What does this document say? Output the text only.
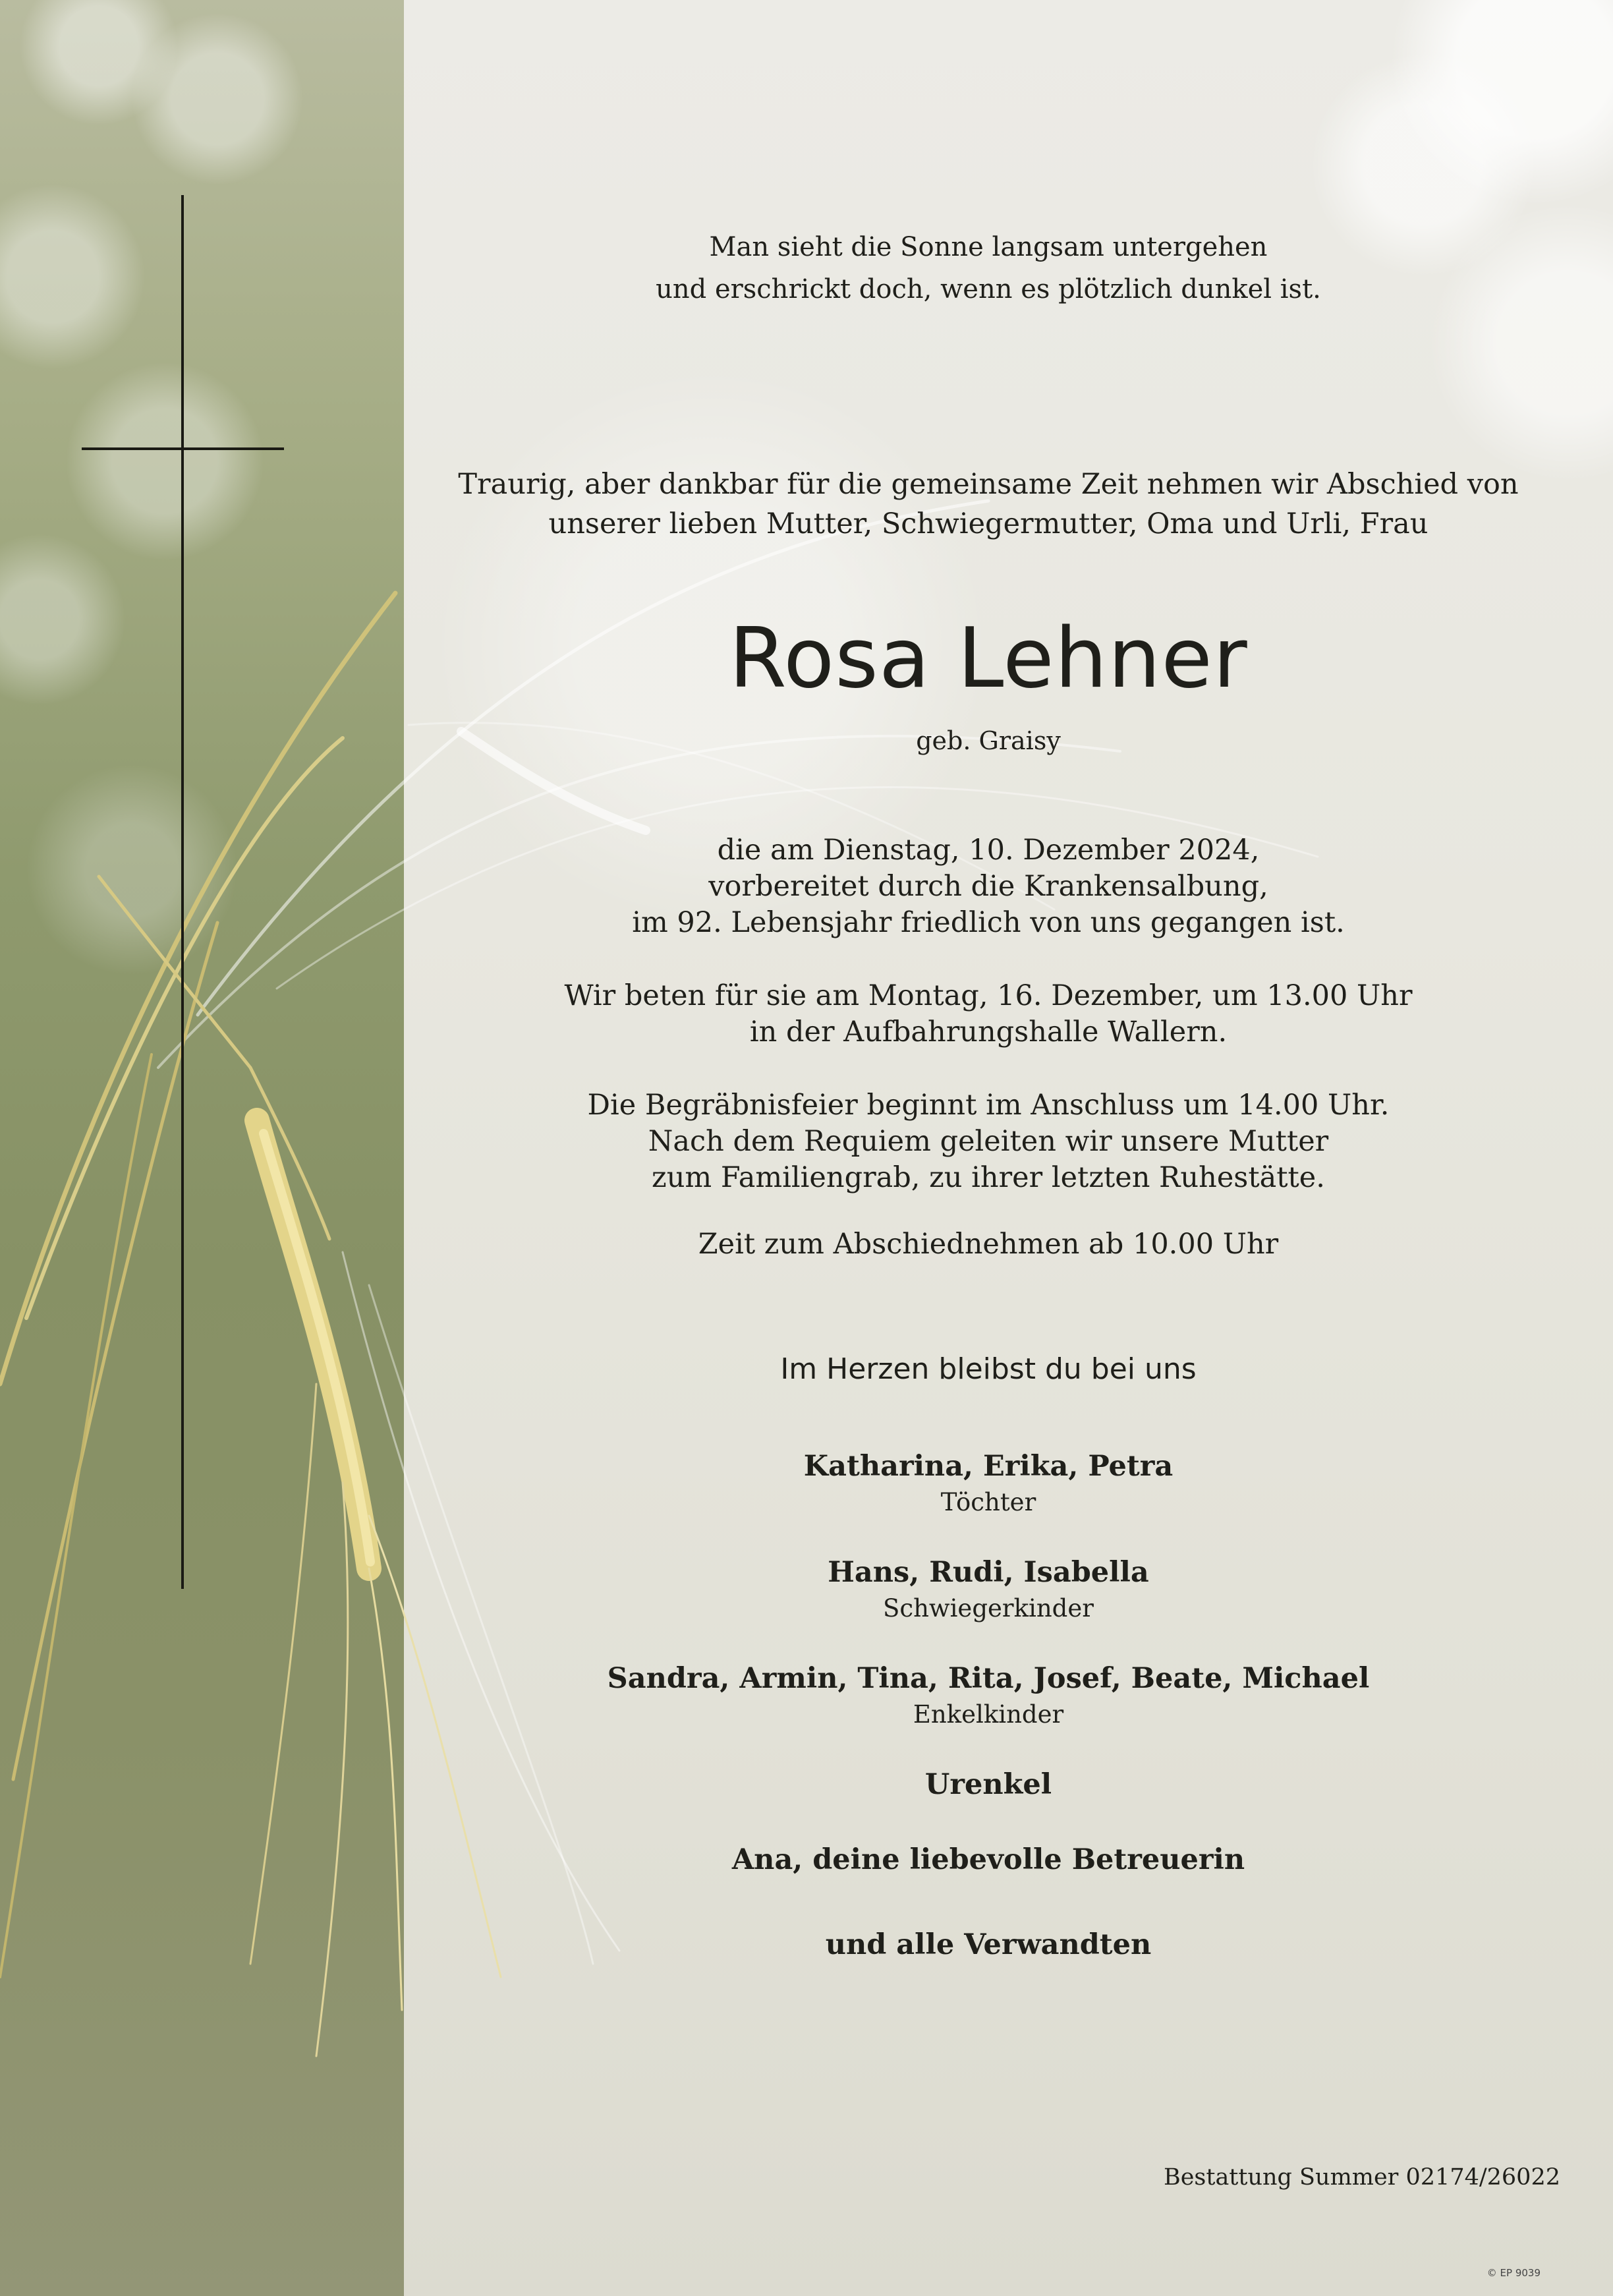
Man sieht die Sonne langsam untergehen

und erschrickt doch, wenn es plötzlich dunkel ist.

Traurig, aber dankbar für die gemeinsame Zeit nehmen wir Abschied von

unserer lieben Mutter, Schwiegermutter, Oma und Urli, Frau

Rosa Lehner

geb. Graisy

die am Dienstag, 10. Dezember 2024,

vorbereitet durch die Krankensalbung,

im 92. Lebensjahr friedlich von uns gegangen ist.

Wir beten für sie am Montag, 16. Dezember, um 13.00 Uhr

in der Aufbahrungshalle Wallern.

Die Begräbnisfeier beginnt im Anschluss um 14.00 Uhr.

Nach dem Requiem geleiten wir unsere Mutter

zum Familiengrab, zu ihrer letzten Ruhestätte.

Zeit zum Abschiednehmen ab 10.00 Uhr

Im Herzen bleibst du bei uns

Katharina, Erika, Petra

Töchter

Hans, Rudi, Isabella

Schwiegerkinder

Sandra, Armin, Tina, Rita, Josef, Beate, Michael

Enkelkinder

Urenkel

Ana, deine liebevolle Betreuerin

und alle Verwandten

Bestattung Summer 02174/26022

© EP 9039
